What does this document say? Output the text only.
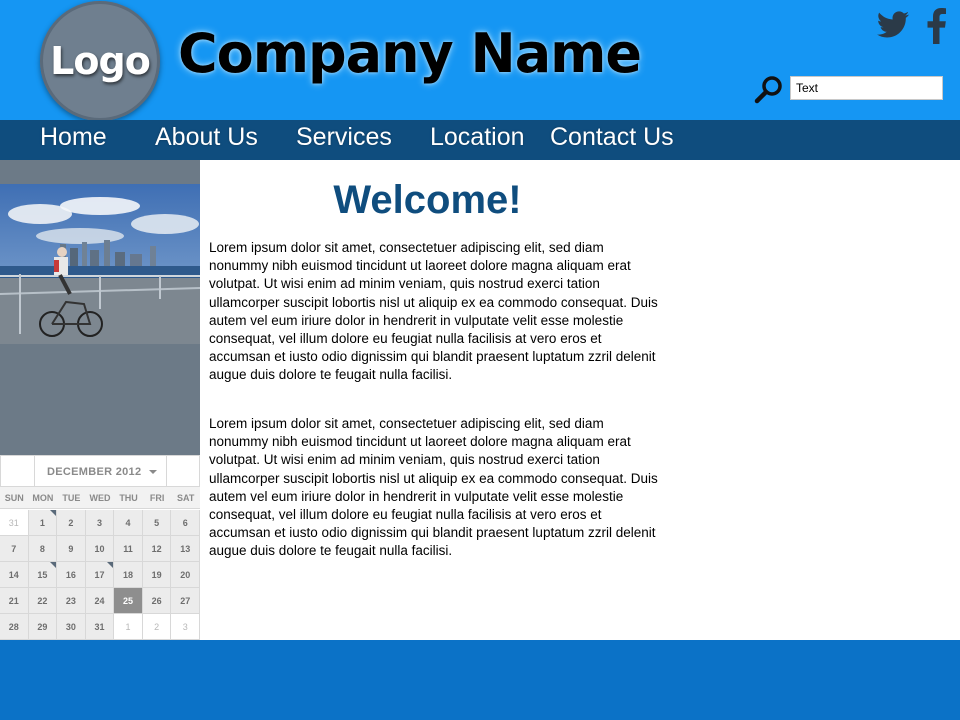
Logo Company Name
Text
Home About Us Services Location Contact Us
DECEMBER 2012
SUN MON	TUE	WED THU	FRI	SAT
31	1	2	3	4	5	6
7	8	9	10	11	12	13
14	15	16	17	18	19	20
21	22	23	24	25	26	27
28	29	30	31	1	2	3
Welcome!

Lorem ipsum dolor sit amet, consectetuer adipiscing elit, sed diam nonummy nibh euismod tincidunt ut laoreet dolore magna aliquam erat volutpat. Ut wisi enim ad minim veniam, quis nostrud exerci tation ullamcorper suscipit lobortis nisl ut aliquip ex ea commodo consequat. Duis autem vel eum iriure dolor in hendrerit in vulputate velit esse molestie consequat, vel illum dolore eu feugiat nulla facilisis at vero eros et accumsan et iusto odio dignissim qui blandit praesent luptatum zzril delenit augue duis dolore te feugait nulla facilisi.

Lorem ipsum dolor sit amet, consectetuer adipiscing elit, sed diam nonummy nibh euismod tincidunt ut laoreet dolore magna aliquam erat volutpat. Ut wisi enim ad minim veniam, quis nostrud exerci tation ullamcorper suscipit lobortis nisl ut aliquip ex ea commodo consequat. Duis autem vel eum iriure dolor in hendrerit in vulputate velit esse molestie consequat, vel illum dolore eu feugiat nulla facilisis at vero eros et accumsan et iusto odio dignissim qui blandit praesent luptatum zzril delenit augue duis dolore te feugait nulla facilisi.
